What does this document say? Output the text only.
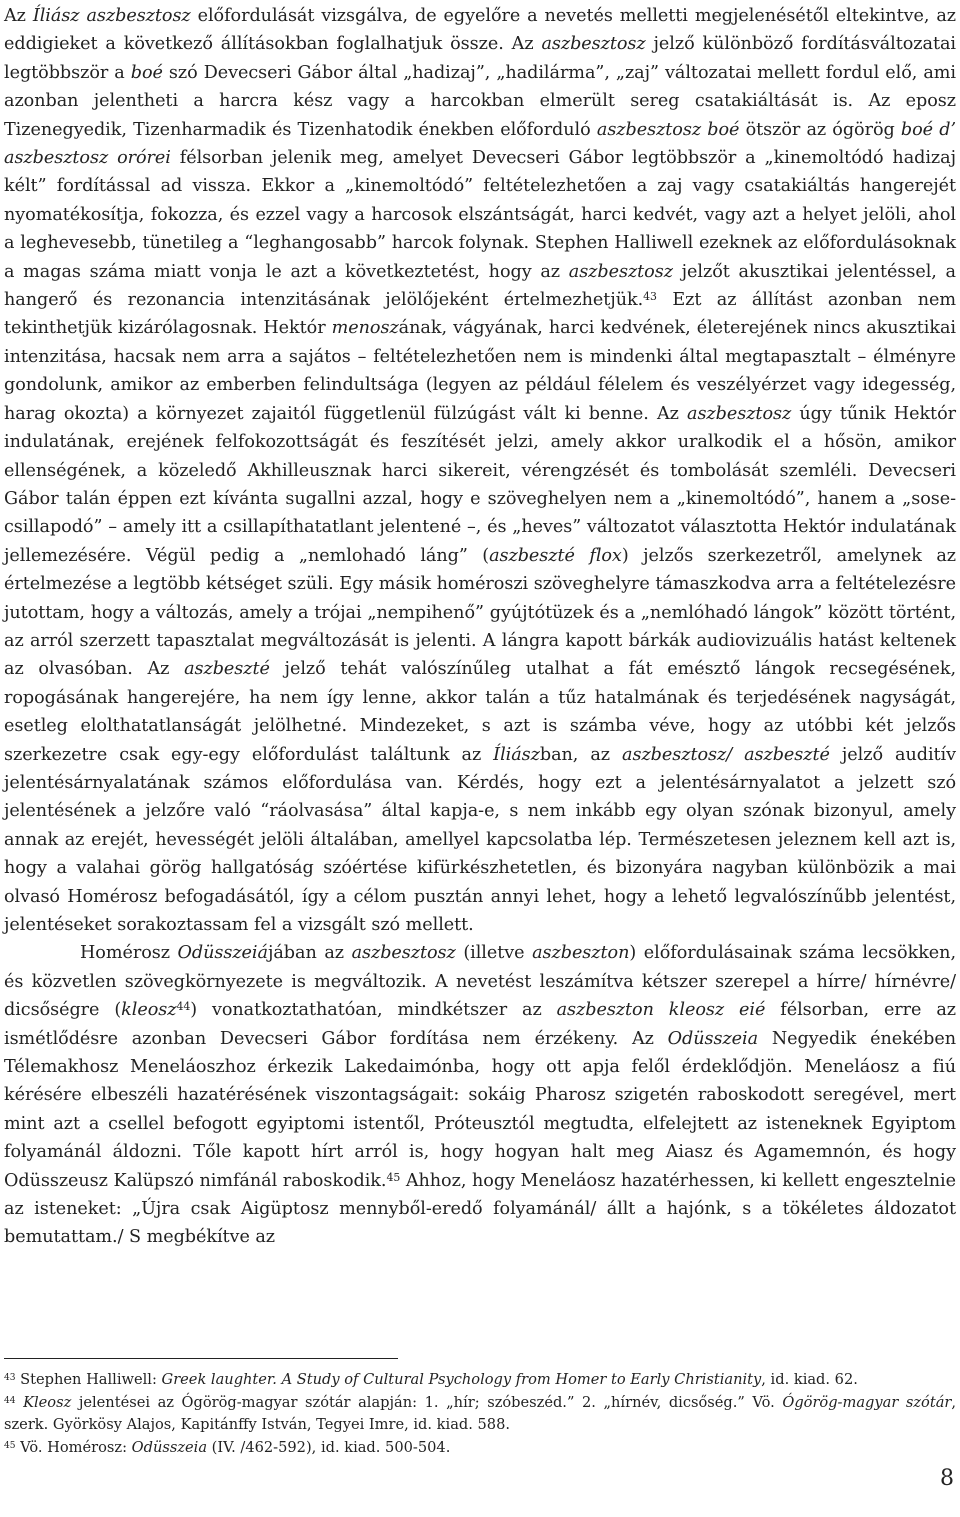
Az Íliász aszbesztosz előfordulását vizsgálva, de egyelőre a nevetés melletti megjelenésétől eltekintve, az eddigieket a következő állításokban foglalhatjuk össze. Az aszbesztosz jelző különböző fordításváltozatai legtöbbször a boé szó Devecseri Gábor által „hadizaj”, „hadilárma”, „zaj” változatai mellett fordul elő, ami azonban jelentheti a harcra kész vagy a harcokban elmerült sereg csatakiáltását is. Az eposz Tizenegyedik, Tizenharmadik és Tizenhatodik énekben előforduló aszbesztosz boé ötször az ógörög boé d’ aszbesztosz orórei félsorban jelenik meg, amelyet Devecseri Gábor legtöbbször a „kinemoltódó hadizaj kélt” fordítással ad vissza. Ekkor a „kinemoltódó” feltételezhetően a zaj vagy csatakiáltás hangerejét nyomatékosítja, fokozza, és ezzel vagy a harcosok elszántságát, harci kedvét, vagy azt a helyet jelöli, ahol a leghevesebb, tünetileg a “leghangosabb” harcok folynak. Stephen Halliwell ezeknek az előfordulásoknak a magas száma miatt vonja le azt a következtetést, hogy az aszbesztosz jelzőt akusztikai jelentéssel, a hangerő és rezonancia intenzitásának jelölőjeként értelmezhetjük.$^{43}$ Ezt az állítást azonban nem tekinthetjük kizárólagosnak. Hektór menoszának, vágyának, harci kedvének, életerejének nincs akusztikai intenzitása, hacsak nem arra a sajátos – feltételezhetően nem is mindenki által megtapasztalt – élményre gondolunk, amikor az emberben felindultsága (legyen az például félelem és veszélyérzet vagy idegesség, harag okozta) a környezet zajaitól függetlenül fülzúgást vált ki benne. Az aszbesztosz úgy tűnik Hektór indulatának, erejének felfokozottságát és feszítését jelzi, amely akkor uralkodik el a hősön, amikor ellenségének, a közeledő Akhilleusznak harci sikereit, vérengzését és tombolását szemléli. Devecseri Gábor talán éppen ezt kívánta sugallni azzal, hogy e szöveghelyen nem a „kinemoltódó”, hanem a „sose-csillapodó” – amely itt a csillapíthatatlant jelentené –, és „heves” változatot választotta Hektór indulatának jellemezésére. Végül pedig a „nemlohadó láng” (aszbeszté flox) jelzős szerkezetről, amelynek az értelmezése a legtöbb kétséget szüli. Egy másik homéroszi szöveghelyre támaszkodva arra a feltételezésre jutottam, hogy a változás, amely a trójai „nempihenő” gyújtótüzek és a „nemlóhadó lángok” között történt, az arról szerzett tapasztalat megváltozását is jelenti. A lángra kapott bárkák audiovizuális hatást keltenek az olvasóban. Az aszbeszté jelző tehát valószínűleg utalhat a fát emésztő lángok recsegésének, ropogásának hangerejére, ha nem így lenne, akkor talán a tűz hatalmának és terjedésének nagyságát, esetleg elolthatatlanságát jelölhetné. Mindezeket, s azt is számba véve, hogy az utóbbi két jelzős szerkezetre csak egy-egy előfordulást találtunk az Íliászban, az aszbesztosz/ aszbeszté jelző auditív jelentésárnyalatának számos előfordulása van. Kérdés, hogy ezt a jelentésárnyalatot a jelzett szó jelentésének a jelzőre való “ráolvasása” által kapja-e, s nem inkább egy olyan szónak bizonyul, amely annak az erejét, hevességét jelöli általában, amellyel kapcsolatba lép. Természetesen jeleznem kell azt is, hogy a valahai görög hallgatóság szóértése kifürkészhetetlen, és bizonyára nagyban különbözik a mai olvasó Homérosz befogadásától, így a célom pusztán annyi lehet, hogy a lehető legvalószínűbb jelentést, jelentéseket sorakoztassam fel a vizsgált szó mellett.

Homérosz Odüsszeiájában az aszbesztosz (illetve aszbeszton) előfordulásainak száma lecsökken, és közvetlen szövegkörnyezete is megváltozik. A nevetést leszámítva kétszer szerepel a hírre/ hírnévre/ dicsőségre (kleosz$^{44}$) vonatkoztathatóan, mindkétszer az aszbeszton kleosz eié félsorban, erre az ismétlődésre azonban Devecseri Gábor fordítása nem érzékeny. Az Odüsszeia Negyedik énekében Télemakhosz Meneláoszhoz érkezik Lakedaimónba, hogy ott apja felől érdeklődjön. Meneláosz a fiú kérésére elbeszéli hazatérésének viszontagságait: sokáig Pharosz szigetén raboskodott seregével, mert mint azt a csellel befogott egyiptomi istentől, Próteusztól megtudta, elfelejtett az isteneknek Egyiptom folyamánál áldozni. Tőle kapott hírt arról is, hogy hogyan halt meg Aiasz és Agamemnón, és hogy Odüsszeusz Kalüpszó nimfánál raboskodik.$^{45}$ Ahhoz, hogy Meneláosz hazatérhessen, ki kellett engesztelnie az isteneket: „Újra csak Aigüptosz mennyből-eredő folyamánál/ állt a hajónk, s a tökéletes áldozatot bemutattam./ S megbékítve az

$^{43}$ Stephen Halliwell: Greek laughter. A Study of Cultural Psychology from Homer to Early Christianity, id. kiad. 62.

$^{44}$ Kleosz jelentései az Ógörög-magyar szótár alapján: 1. „hír; szóbeszéd.” 2. „hírnév, dicsőség.” Vö. Ógörög-magyar szótár, szerk. Györkösy Alajos, Kapitánffy István, Tegyei Imre, id. kiad. 588.

$^{45}$ Vö. Homérosz: Odüsszeia (IV. /462-592), id. kiad. 500-504.

8
